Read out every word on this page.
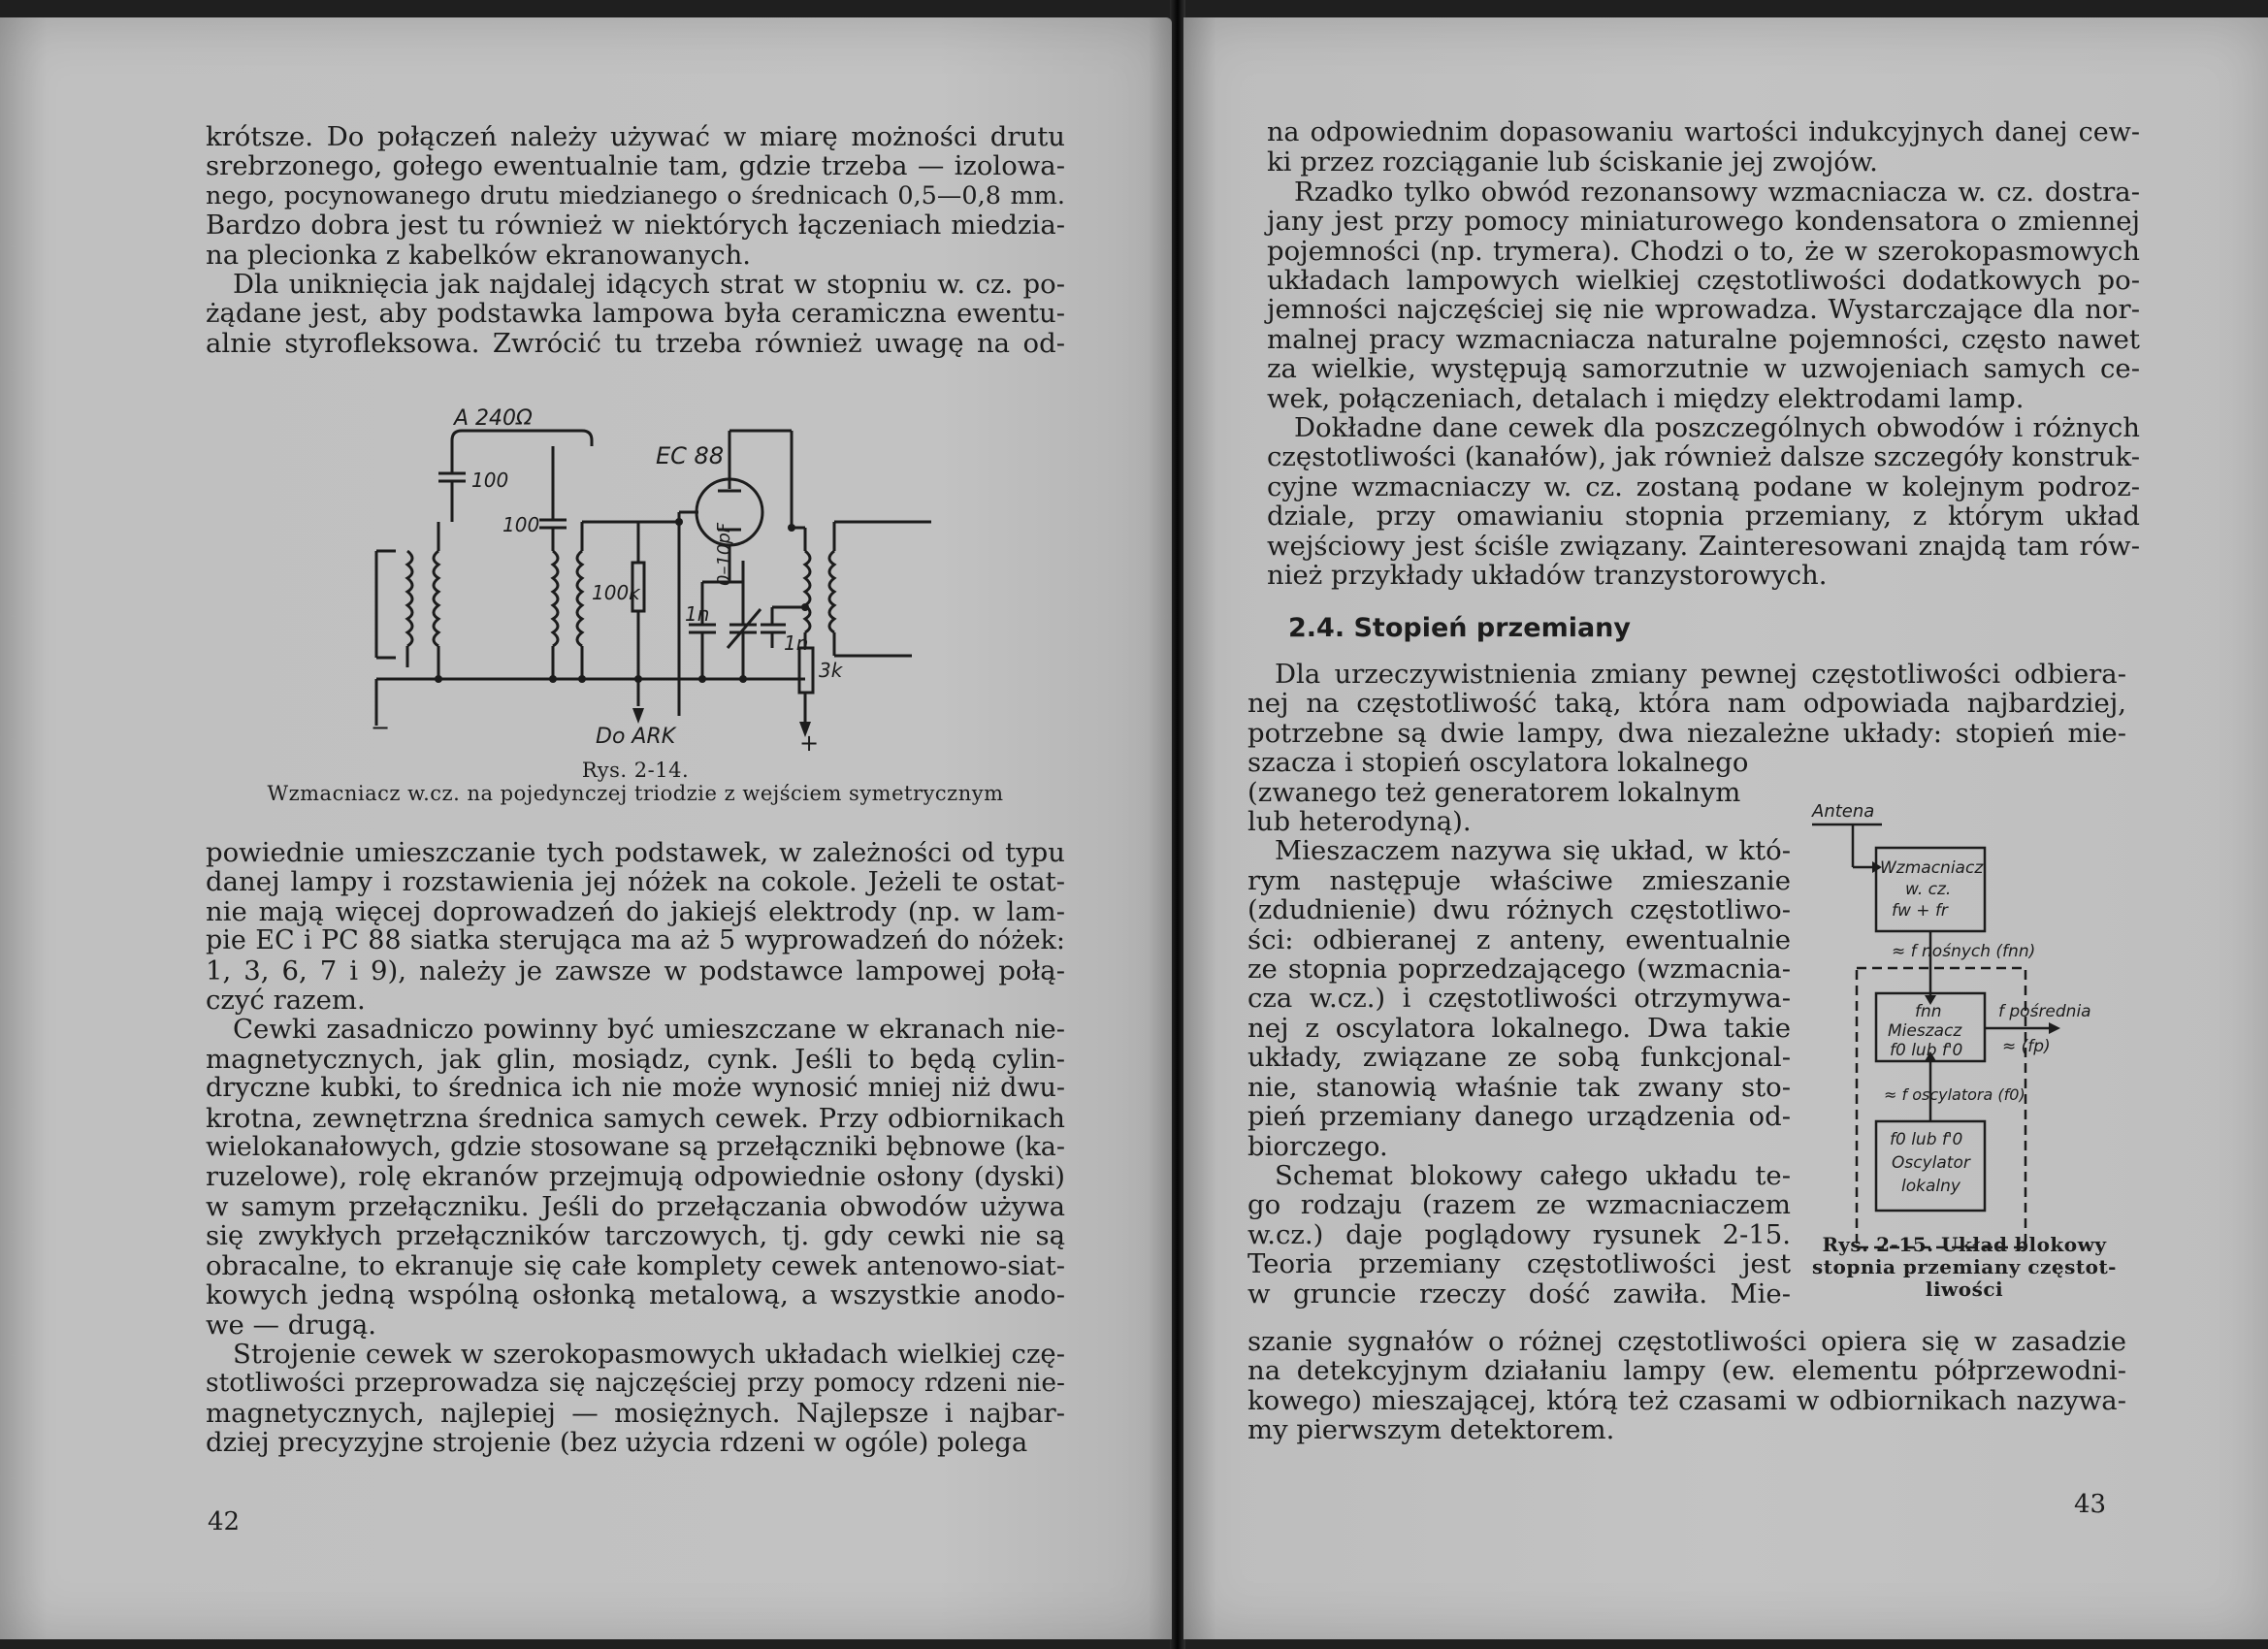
krótsze. Do połączeń należy używać w miarę możności drutu
srebrzonego, gołego ewentualnie tam, gdzie trzeba — izolowa-
nego, pocynowanego drutu miedzianego o średnicach 0,5—0,8 mm.
Bardzo dobra jest tu również w niektórych łączeniach miedzia-
na plecionka z kabelków ekranowanych.
Dla uniknięcia jak najdalej idących strat w stopniu w. cz. po-
żądane jest, aby podstawka lampowa była ceramiczna ewentu-
alnie styrofleksowa. Zwrócić tu trzeba również uwagę na od-
A 240Ω
EC 88
100
100
100k
1n
0–10pF
1n
3k
Do ARK	+
−
Rys. 2-14.
Wzmacniacz w.cz. na pojedynczej triodzie z wejściem symetrycznym
powiednie umieszczanie tych podstawek, w zależności od typu
danej lampy i rozstawienia jej nóżek na cokole. Jeżeli te ostat-
nie mają więcej doprowadzeń do jakiejś elektrody (np. w lam-
pie EC i PC 88 siatka sterująca ma aż 5 wyprowadzeń do nóżek:
1, 3, 6, 7 i 9), należy je zawsze w podstawce lampowej połą-
czyć razem.
Cewki zasadniczo powinny być umieszczane w ekranach nie-
magnetycznych, jak glin, mosiądz, cynk. Jeśli to będą cylin-
dryczne kubki, to średnica ich nie może wynosić mniej niż dwu-
krotna, zewnętrzna średnica samych cewek. Przy odbiornikach
wielokanałowych, gdzie stosowane są przełączniki bębnowe (ka-
ruzelowe), rolę ekranów przejmują odpowiednie osłony (dyski)
w samym przełączniku. Jeśli do przełączania obwodów używa
się zwykłych przełączników tarczowych, tj. gdy cewki nie są
obracalne, to ekranuje się całe komplety cewek antenowo-siat-
kowych jedną wspólną osłonką metalową, a wszystkie anodo-
we — drugą.
Strojenie cewek w szerokopasmowych układach wielkiej czę-
stotliwości przeprowadza się najczęściej przy pomocy rdzeni nie-
magnetycznych, najlepiej — mosiężnych. Najlepsze i najbar-
dziej precyzyjne strojenie (bez użycia rdzeni w ogóle) polega
42
na odpowiednim dopasowaniu wartości indukcyjnych danej cew-
ki przez rozciąganie lub ściskanie jej zwojów.
Rzadko tylko obwód rezonansowy wzmacniacza w. cz. dostra-
jany jest przy pomocy miniaturowego kondensatora o zmiennej
pojemności (np. trymera). Chodzi o to, że w szerokopasmowych
układach lampowych wielkiej częstotliwości dodatkowych po-
jemności najczęściej się nie wprowadza. Wystarczające dla nor-
malnej pracy wzmacniacza naturalne pojemności, często nawet
za wielkie, występują samorzutnie w uzwojeniach samych ce-
wek, połączeniach, detalach i między elektrodami lamp.
Dokładne dane cewek dla poszczególnych obwodów i różnych
częstotliwości (kanałów), jak również dalsze szczegóły konstruk-
cyjne wzmacniaczy w. cz. zostaną podane w kolejnym podroz-
dziale, przy omawianiu stopnia przemiany, z którym układ
wejściowy jest ściśle związany. Zainteresowani znajdą tam rów-
nież przykłady układów tranzystorowych.
2.4. Stopień przemiany
Dla urzeczywistnienia zmiany pewnej częstotliwości odbiera-
nej na częstotliwość taką, która nam odpowiada najbardziej,
potrzebne są dwie lampy, dwa niezależne układy: stopień mie-
szacza i stopień oscylatora lokalnego
(zwanego też generatorem lokalnym
lub heterodyną).
Mieszaczem nazywa się układ, w któ-
rym następuje właściwe zmieszanie
(zdudnienie) dwu różnych częstotliwo-
ści: odbieranej z anteny, ewentualnie
ze stopnia poprzedzającego (wzmacnia-
cza w.cz.) i częstotliwości otrzymywa-
nej z oscylatora lokalnego. Dwa takie
układy, związane ze sobą funkcjonal-
nie, stanowią właśnie tak zwany sto-
pień przemiany danego urządzenia od-
biorczego.
Schemat blokowy całego układu te-
go rodzaju (razem ze wzmacniaczem
w.cz.) daje poglądowy rysunek 2-15.
Teoria przemiany częstotliwości jest
w gruncie rzeczy dość zawiła. Mie-
Antena
Wzmacniacz
w. cz.
fw + fr
≈ f nośnych (fnn)
fnn
Mieszacz
f0 lub f'0
f pośrednia
≈ (fp)
≈ f oscylatora (f0)
f0 lub f'0
Oscylator
lokalny
Rys. 2-15. Układ blokowy
stopnia przemiany częstot-
liwości
szanie sygnałów o różnej częstotliwości opiera się w zasadzie
na detekcyjnym działaniu lampy (ew. elementu półprzewodni-
kowego) mieszającej, którą też czasami w odbiornikach nazywa-
my pierwszym detektorem.
43
